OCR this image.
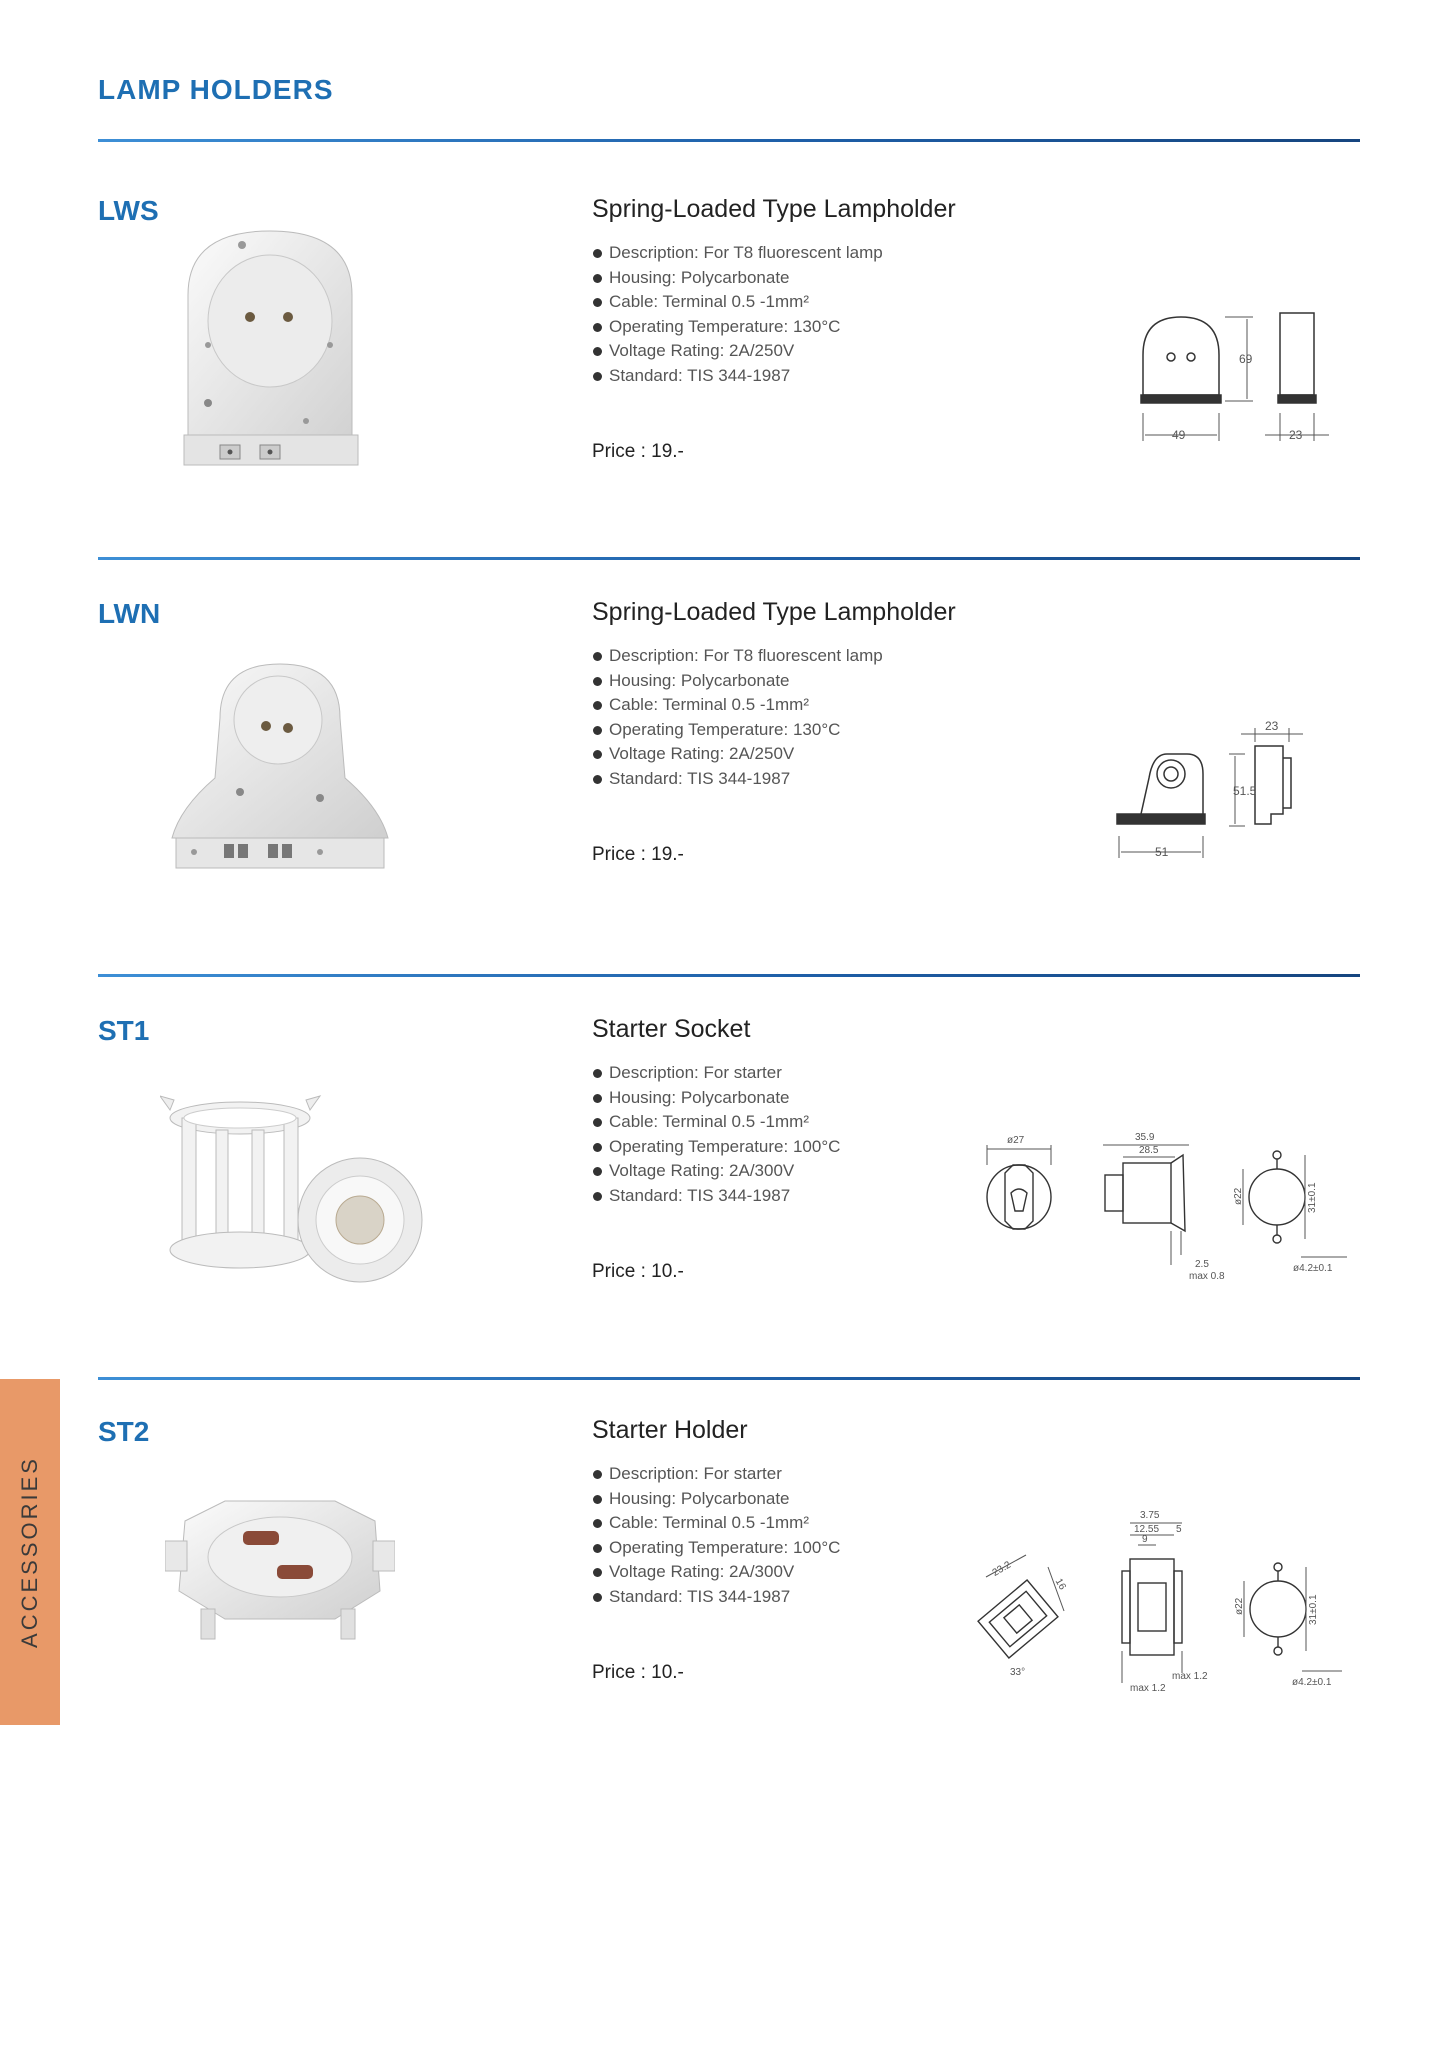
LAMP HOLDERS
LWS	Spring-Loaded Type Lampholder
Description: For T8 fluorescent lamp
Housing: Polycarbonate
Cable: Terminal 0.5 -1mm²
Operating Temperature: 130°C
Voltage Rating: 2A/250V
Standard: TIS 344-1987
Price : 19.-
69
49	23
LWN	Spring-Loaded Type Lampholder
Description: For T8 fluorescent lamp
Housing: Polycarbonate
Cable: Terminal 0.5 -1mm²
Operating Temperature: 130°C
Voltage Rating: 2A/250V
Standard: TIS 344-1987
Price : 19.-
23
51.5
51
ST1	Starter Socket
Description: For starter
Housing: Polycarbonate
Cable: Terminal 0.5 -1mm²
Operating Temperature: 100°C
Voltage Rating: 2A/300V
Standard: TIS 344-1987
Price : 10.-
ø27	35.9
28.5
ø22	31±0.1
2.5
max 0.8
ø4.2±0.1
ST2	Starter Holder
Description: For starter
Housing: Polycarbonate
Cable: Terminal 0.5 -1mm²
Operating Temperature: 100°C
Voltage Rating: 2A/300V
Standard: TIS 344-1987
Price : 10.-
23.2
16
33°
3.75
12.55
9
5
max 1.2
max 1.2
ø22	31±0.1
ø4.2±0.1
ACCESSORIES
